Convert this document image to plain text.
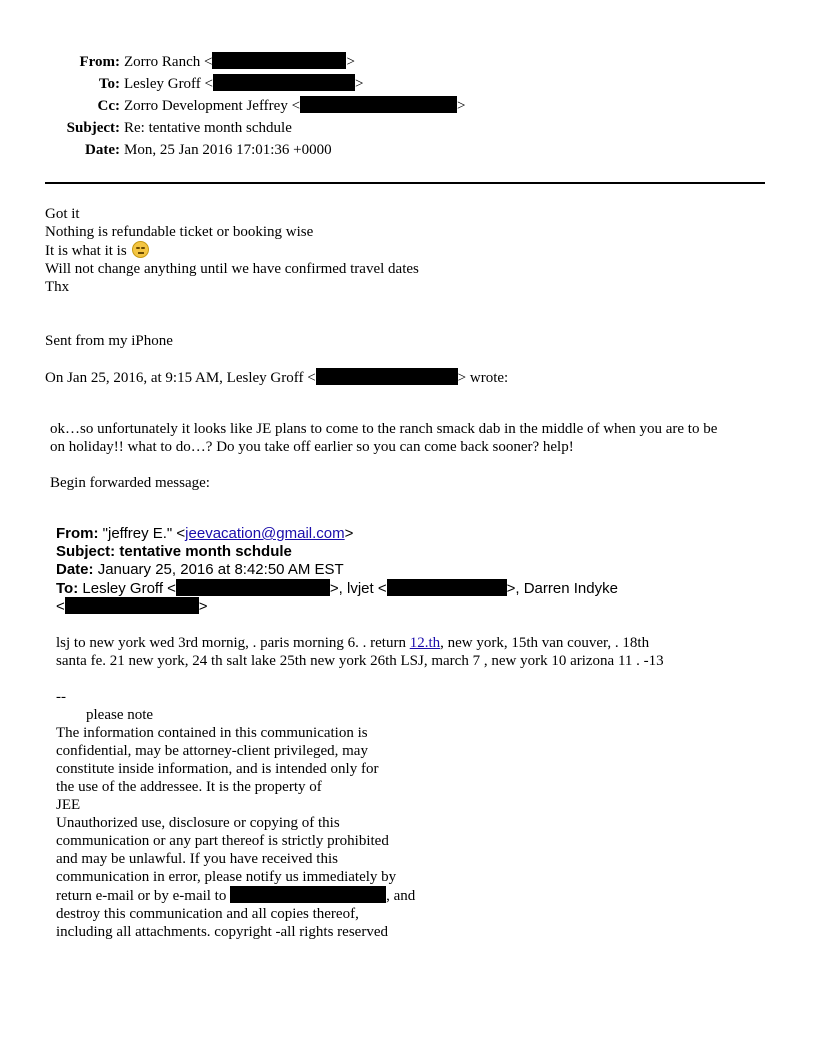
From: Zorro Ranch <	>
To: Lesley Groff <	>
Cc: Zorro Development Jeffrey <	>
Subject: Re: tentative month schdule
Date: Mon, 25 Jan 2016 17:01:36 +0000
Got it
Nothing is refundable ticket or booking wise
It is what it is
Will not change anything until we have confirmed travel dates
Thx
Sent from my iPhone
On Jan 25, 2016, at 9:15 AM, Lesley Groff <	> wrote:
ok…so unfortunately it looks like JE plans to come to the ranch smack dab in the middle of when you are to be
on holiday!! what to do…? Do you take off earlier so you can come back sooner? help!
Begin forwarded message:
From: "jeffrey E." <jeevacation@gmail.com>
Subject: tentative month schdule
Date: January 25, 2016 at 8:42:50 AM EST
To: Lesley Groff <	>, lvjet <	>, Darren Indyke
<	>
lsj to new york wed 3rd mornig, . paris morning 6. . return 12.th, new york, 15th van couver, . 18th
santa fe. 21 new york, 24 th salt lake 25th new york 26th LSJ, march 7 , new york 10 arizona 11 . -13
--
please note
The information contained in this communication is
confidential, may be attorney-client privileged, may
constitute inside information, and is intended only for
the use of the addressee. It is the property of
JEE
Unauthorized use, disclosure or copying of this
communication or any part thereof is strictly prohibited
and may be unlawful. If you have received this
communication in error, please notify us immediately by
return e-mail or by e-mail to	, and
destroy this communication and all copies thereof,
including all attachments. copyright -all rights reserved
